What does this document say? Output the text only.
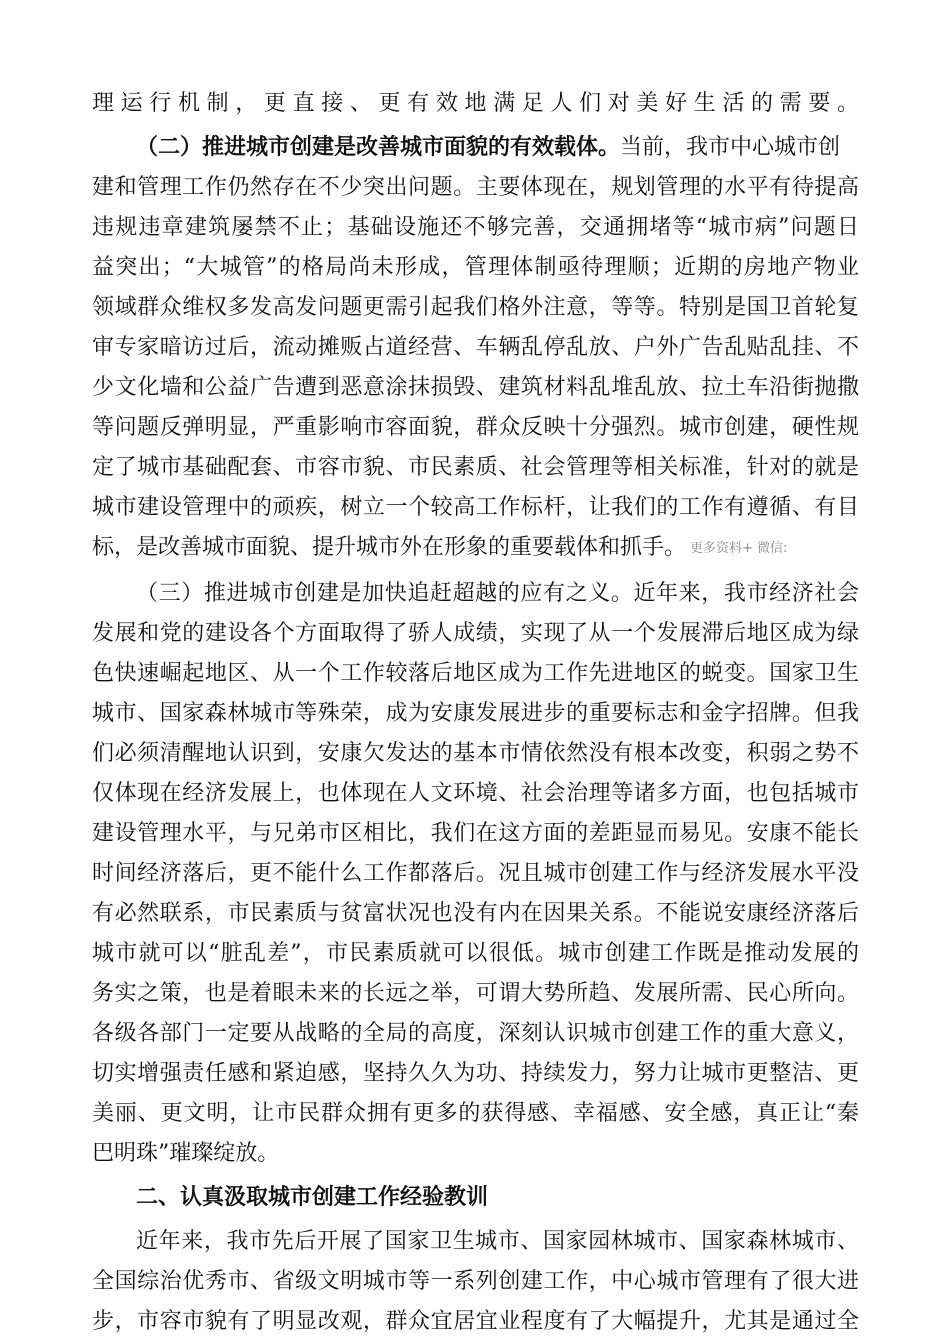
理运行机制，更直接、更有效地满足人们对美好生活的需要。
（二）推进城市创建是改善城市面貌的有效载体。当前，我市中心城市创
建和管理工作仍然存在不少突出问题。主要体现在，规划管理的水平有待提高
违规违章建筑屡禁不止；基础设施还不够完善，交通拥堵等“城市病”问题日
益突出；“大城管”的格局尚未形成，管理体制亟待理顺；近期的房地产物业
领域群众维权多发高发问题更需引起我们格外注意，等等。特别是国卫首轮复
审专家暗访过后，流动摊贩占道经营、车辆乱停乱放、户外广告乱贴乱挂、不
少文化墙和公益广告遭到恶意涂抹损毁、建筑材料乱堆乱放、拉土车沿街抛撒
等问题反弹明显，严重影响市容面貌，群众反映十分强烈。城市创建，硬性规
定了城市基础配套、市容市貌、市民素质、社会管理等相关标准，针对的就是
城市建设管理中的顽疾，树立一个较高工作标杆，让我们的工作有遵循、有目
标，是改善城市面貌、提升城市外在形象的重要载体和抓手。 更多资料+ 微信:
（三）推进城市创建是加快追赶超越的应有之义。近年来，我市经济社会
发展和党的建设各个方面取得了骄人成绩，实现了从一个发展滞后地区成为绿
色快速崛起地区、从一个工作较落后地区成为工作先进地区的蜕变。国家卫生
城市、国家森林城市等殊荣，成为安康发展进步的重要标志和金字招牌。但我
们必须清醒地认识到，安康欠发达的基本市情依然没有根本改变，积弱之势不
仅体现在经济发展上，也体现在人文环境、社会治理等诸多方面，也包括城市
建设管理水平，与兄弟市区相比，我们在这方面的差距显而易见。安康不能长
时间经济落后，更不能什么工作都落后。况且城市创建工作与经济发展水平没
有必然联系，市民素质与贫富状况也没有内在因果关系。不能说安康经济落后
城市就可以“脏乱差”，市民素质就可以很低。城市创建工作既是推动发展的
务实之策，也是着眼未来的长远之举，可谓大势所趋、发展所需、民心所向。
各级各部门一定要从战略的全局的高度，深刻认识城市创建工作的重大意义，
切实增强责任感和紧迫感，坚持久久为功、持续发力，努力让城市更整洁、更
美丽、更文明，让市民群众拥有更多的获得感、幸福感、安全感，真正让“秦
巴明珠”璀璨绽放。
二、认真汲取城市创建工作经验教训
近年来，我市先后开展了国家卫生城市、国家园林城市、国家森林城市、
全国综治优秀市、省级文明城市等一系列创建工作，中心城市管理有了很大进
步，市容市貌有了明显改观，群众宜居宜业程度有了大幅提升，尤其是通过全
